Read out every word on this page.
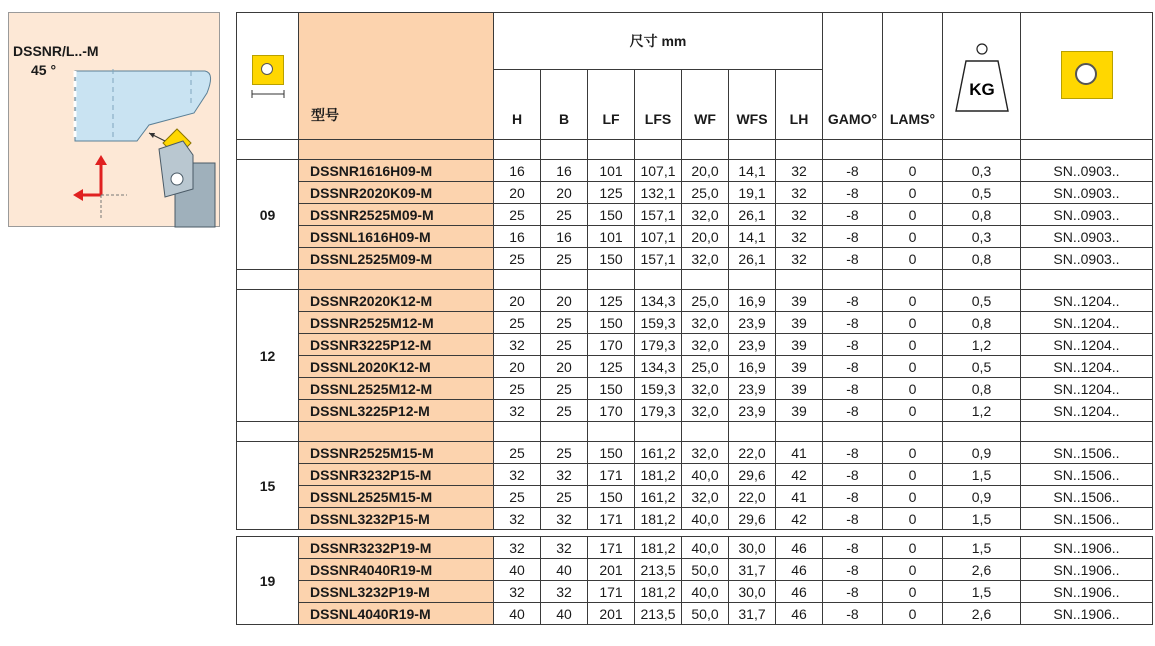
DSSNR/L..-M
45 °
	型号	尺寸 mm							GAMO°	LAMS°	KG	

		H	B	LF	LFS	WF	WFS	LH				

09	DSSNR1616H09-M	16	16	101	107,1	20,0	14,1	32	-8	0	0,3	SN..0903..
	DSSNR2020K09-M	20	20	125	132,1	25,0	19,1	32	-8	0	0,5	SN..0903..
	DSSNR2525M09-M	25	25	150	157,1	32,0	26,1	32	-8	0	0,8	SN..0903..
	DSSNL1616H09-M	16	16	101	107,1	20,0	14,1	32	-8	0	0,3	SN..0903..
	DSSNL2525M09-M	25	25	150	157,1	32,0	26,1	32	-8	0	0,8	SN..0903..

12	DSSNR2020K12-M	20	20	125	134,3	25,0	16,9	39	-8	0	0,5	SN..1204..
	DSSNR2525M12-M	25	25	150	159,3	32,0	23,9	39	-8	0	0,8	SN..1204..
	DSSNR3225P12-M	32	25	170	179,3	32,0	23,9	39	-8	0	1,2	SN..1204..
	DSSNL2020K12-M	20	20	125	134,3	25,0	16,9	39	-8	0	0,5	SN..1204..
	DSSNL2525M12-M	25	25	150	159,3	32,0	23,9	39	-8	0	0,8	SN..1204..
	DSSNL3225P12-M	32	25	170	179,3	32,0	23,9	39	-8	0	1,2	SN..1204..

15	DSSNR2525M15-M	25	25	150	161,2	32,0	22,0	41	-8	0	0,9	SN..1506..
	DSSNR3232P15-M	32	32	171	181,2	40,0	29,6	42	-8	0	1,5	SN..1506..
	DSSNL2525M15-M	25	25	150	161,2	32,0	22,0	41	-8	0	0,9	SN..1506..
	DSSNL3232P15-M	32	32	171	181,2	40,0	29,6	42	-8	0	1,5	SN..1506..

19	DSSNR3232P19-M	32	32	171	181,2	40,0	30,0	46	-8	0	1,5	SN..1906..
	DSSNR4040R19-M	40	40	201	213,5	50,0	31,7	46	-8	0	2,6	SN..1906..
	DSSNL3232P19-M	32	32	171	181,2	40,0	30,0	46	-8	0	1,5	SN..1906..
	DSSNL4040R19-M	40	40	201	213,5	50,0	31,7	46	-8	0	2,6	SN..1906..
